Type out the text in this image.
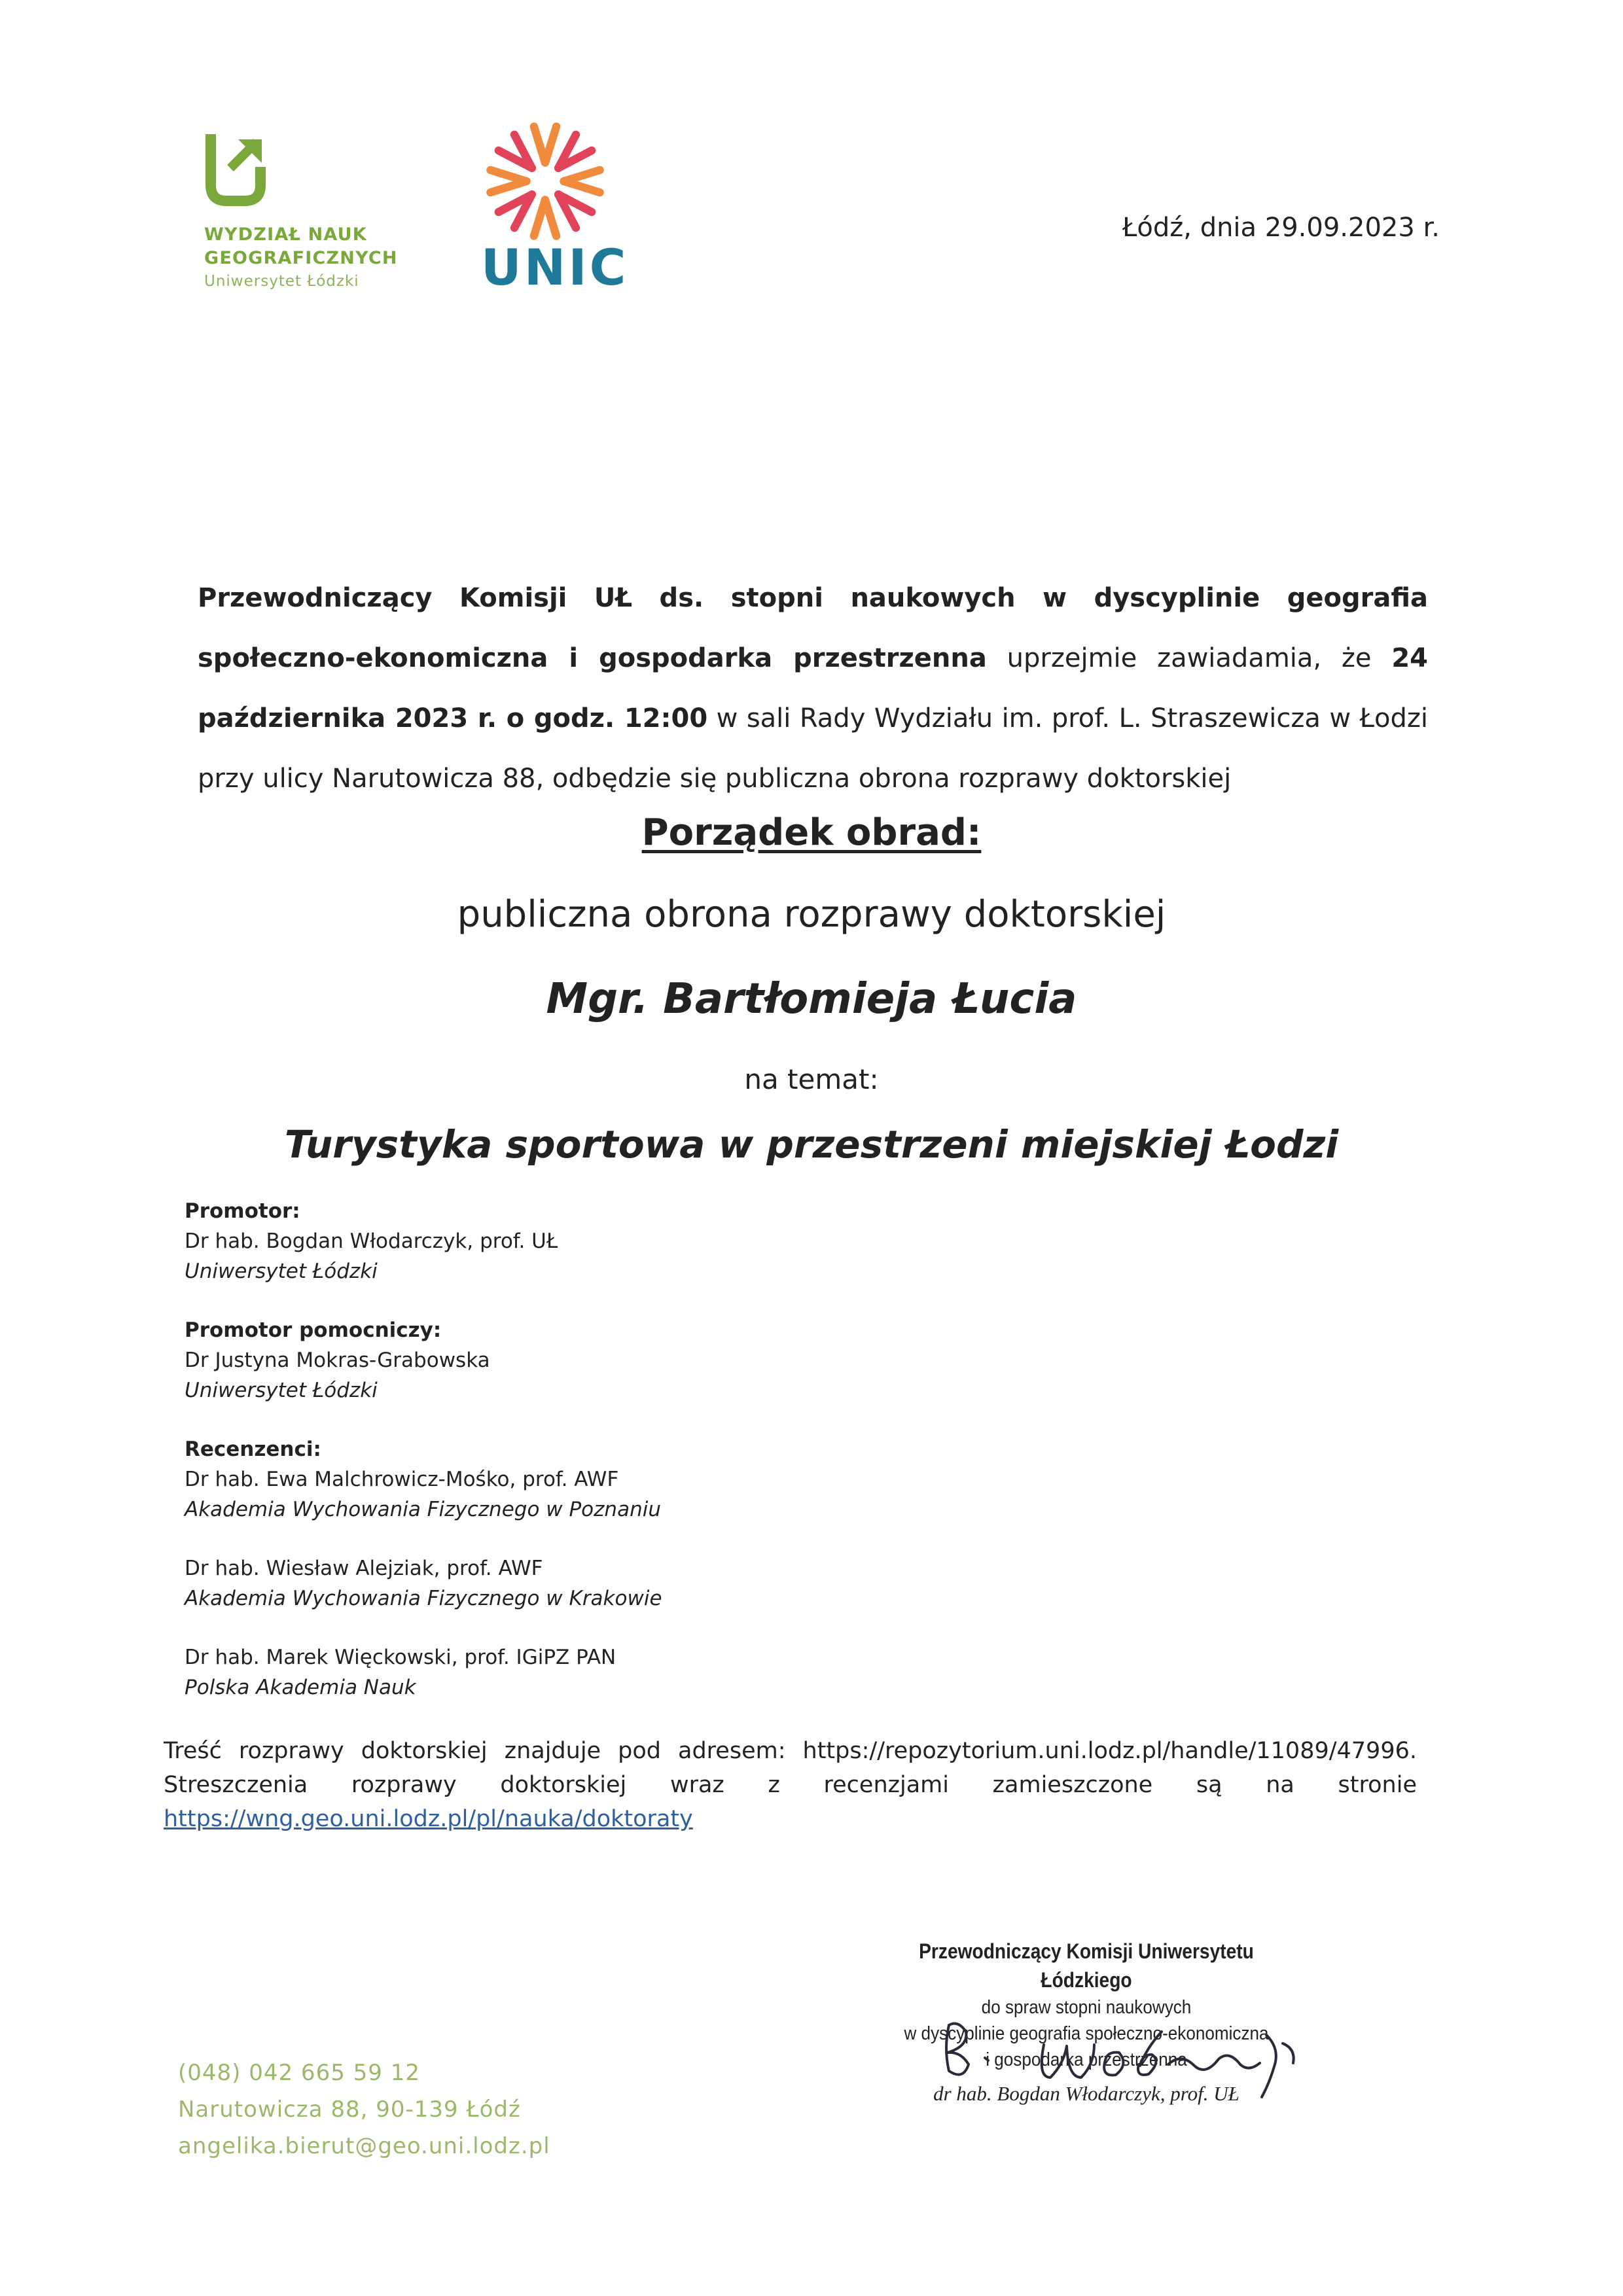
WYDZIAŁ NAUK
GEOGRAFICZNYCH
Uniwersytet Łódzki	UNIC
Łódź, dnia 29.09.2023 r.
Przewodniczący Komisji UŁ ds. stopni naukowych w dyscyplinie geografia społeczno-ekonomiczna i gospodarka przestrzenna uprzejmie zawiadamia, że 24 października 2023 r. o godz. 12:00 w sali Rady Wydziału im. prof. L. Straszewicza w Łodzi przy ulicy Narutowicza 88, odbędzie się publiczna obrona rozprawy doktorskiej
Porządek obrad:
publiczna obrona rozprawy doktorskiej
Mgr. Bartłomieja Łucia
na temat:
Turystyka sportowa w przestrzeni miejskiej Łodzi
Promotor:
Dr hab. Bogdan Włodarczyk, prof. UŁ
Uniwersytet Łódzki
Promotor pomocniczy:
Dr Justyna Mokras-Grabowska
Uniwersytet Łódzki
Recenzenci:
Dr hab. Ewa Malchrowicz-Mośko, prof. AWF
Akademia Wychowania Fizycznego w Poznaniu
Dr hab. Wiesław Alejziak, prof. AWF
Akademia Wychowania Fizycznego w Krakowie
Dr hab. Marek Więckowski, prof. IGiPZ PAN
Polska Akademia Nauk
Treść rozprawy doktorskiej znajduje pod adresem: https://repozytorium.uni.lodz.pl/handle/11089/47996.
Streszczenia rozprawy doktorskiej wraz z recenzjami zamieszczone są na stronie
https://wng.geo.uni.lodz.pl/pl/nauka/doktoraty
Przewodniczący Komisji Uniwersytetu Łódzkiego
do spraw stopni naukowych
w dyscyplinie geografia społeczno-ekonomiczna
i gospodarka przestrzenna
dr hab. Bogdan Włodarczyk, prof. UŁ
(048) 042 665 59 12
Narutowicza 88, 90-139 Łódź
angelika.bierut@geo.uni.lodz.pl
